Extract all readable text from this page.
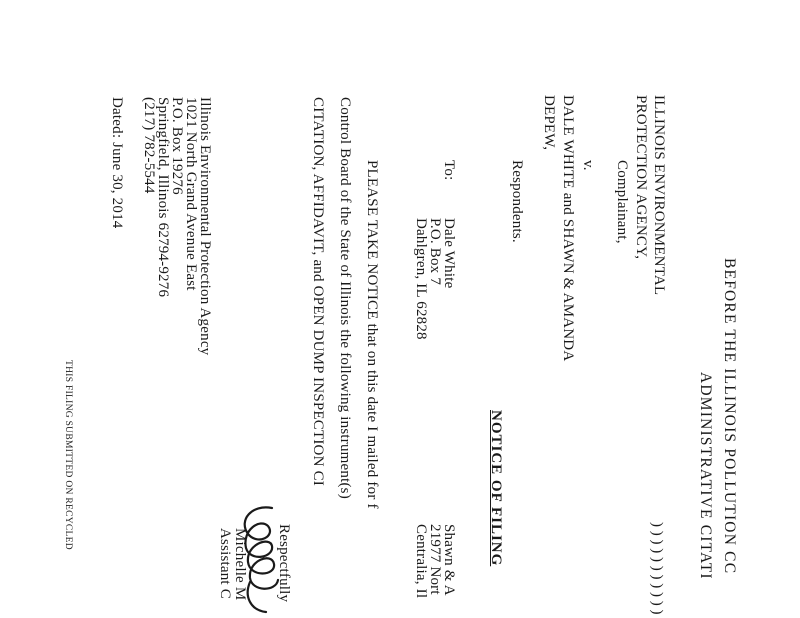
BEFORE THE ILLINOIS POLLUTION CC
ADMINISTRATIVE CITATI
ILLINOIS ENVIRONMENTAL
PROTECTION AGENCY,
Complainant,
v.
DALE WHITE and SHAWN & AMANDA
DEPEW,
Respondents.
) ) ) ) ) ) ) ) ) ) )
NOTICE OF FILING
To:
Dale White
P.O. Box 7
Dahlgren, IL 62828
Shawn & A
21977 Nort
Centralia, Il
PLEASE TAKE NOTICE that on this date I mailed for f
Control Board of the State of Illinois the following instrument(s)
CITATION, AFFIDAVIT, and OPEN DUMP INSPECTION CI
Respectfully
Michelle M
Assistant C
Illinois Environmental Protection Agency
1021 North Grand Avenue East
P.O. Box 19276
Springfield, Illinois 62794-9276
(217) 782-5544
Dated: June 30, 2014
THIS FILING SUBMITTED ON RECYCLED
